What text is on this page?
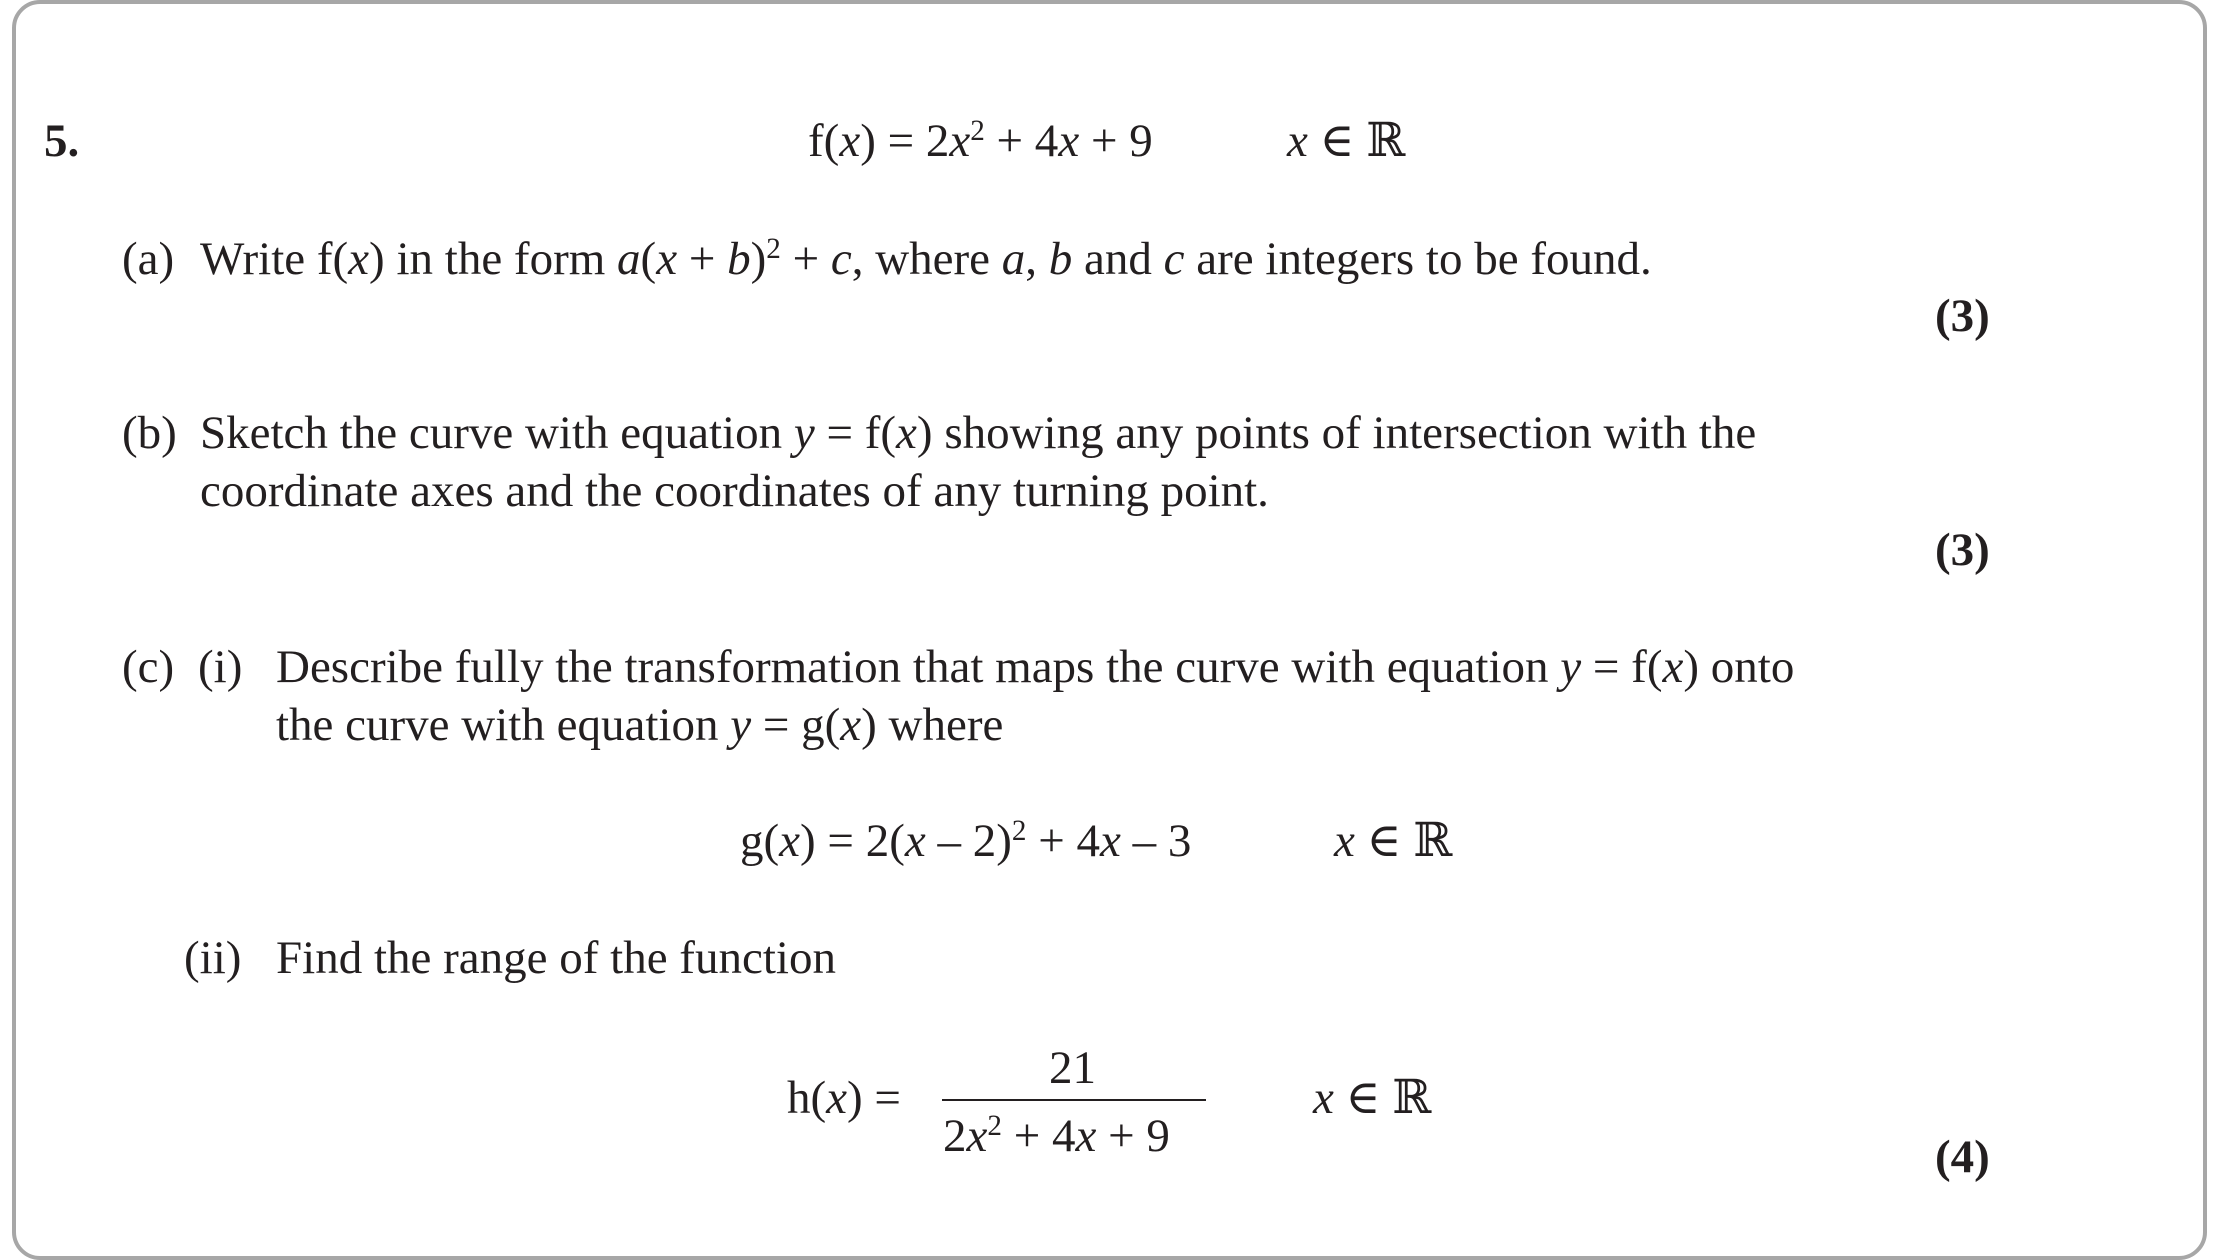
5.	$f(x) = 2x^2 + 4x + 9$	x ∈ ℝ
(a) Write f(x) in the form $a(x + b)^2 + c$, where a, b and c are integers to be found.
(3)
(b) Sketch the curve with equation y = f(x) showing any points of intersection with the
coordinate axes and the coordinates of any turning point.
(3)
(c) (i) Describe fully the transformation that maps the curve with equation y = f(x) onto
the curve with equation y = g(x) where
g(x) = 2(x – 2)$^2$ + 4x – 3	x ∈ ℝ
(ii) Find the range of the function
h(x) =
21
$2x^2 + 4x + 9$
x ∈ ℝ
(4)
